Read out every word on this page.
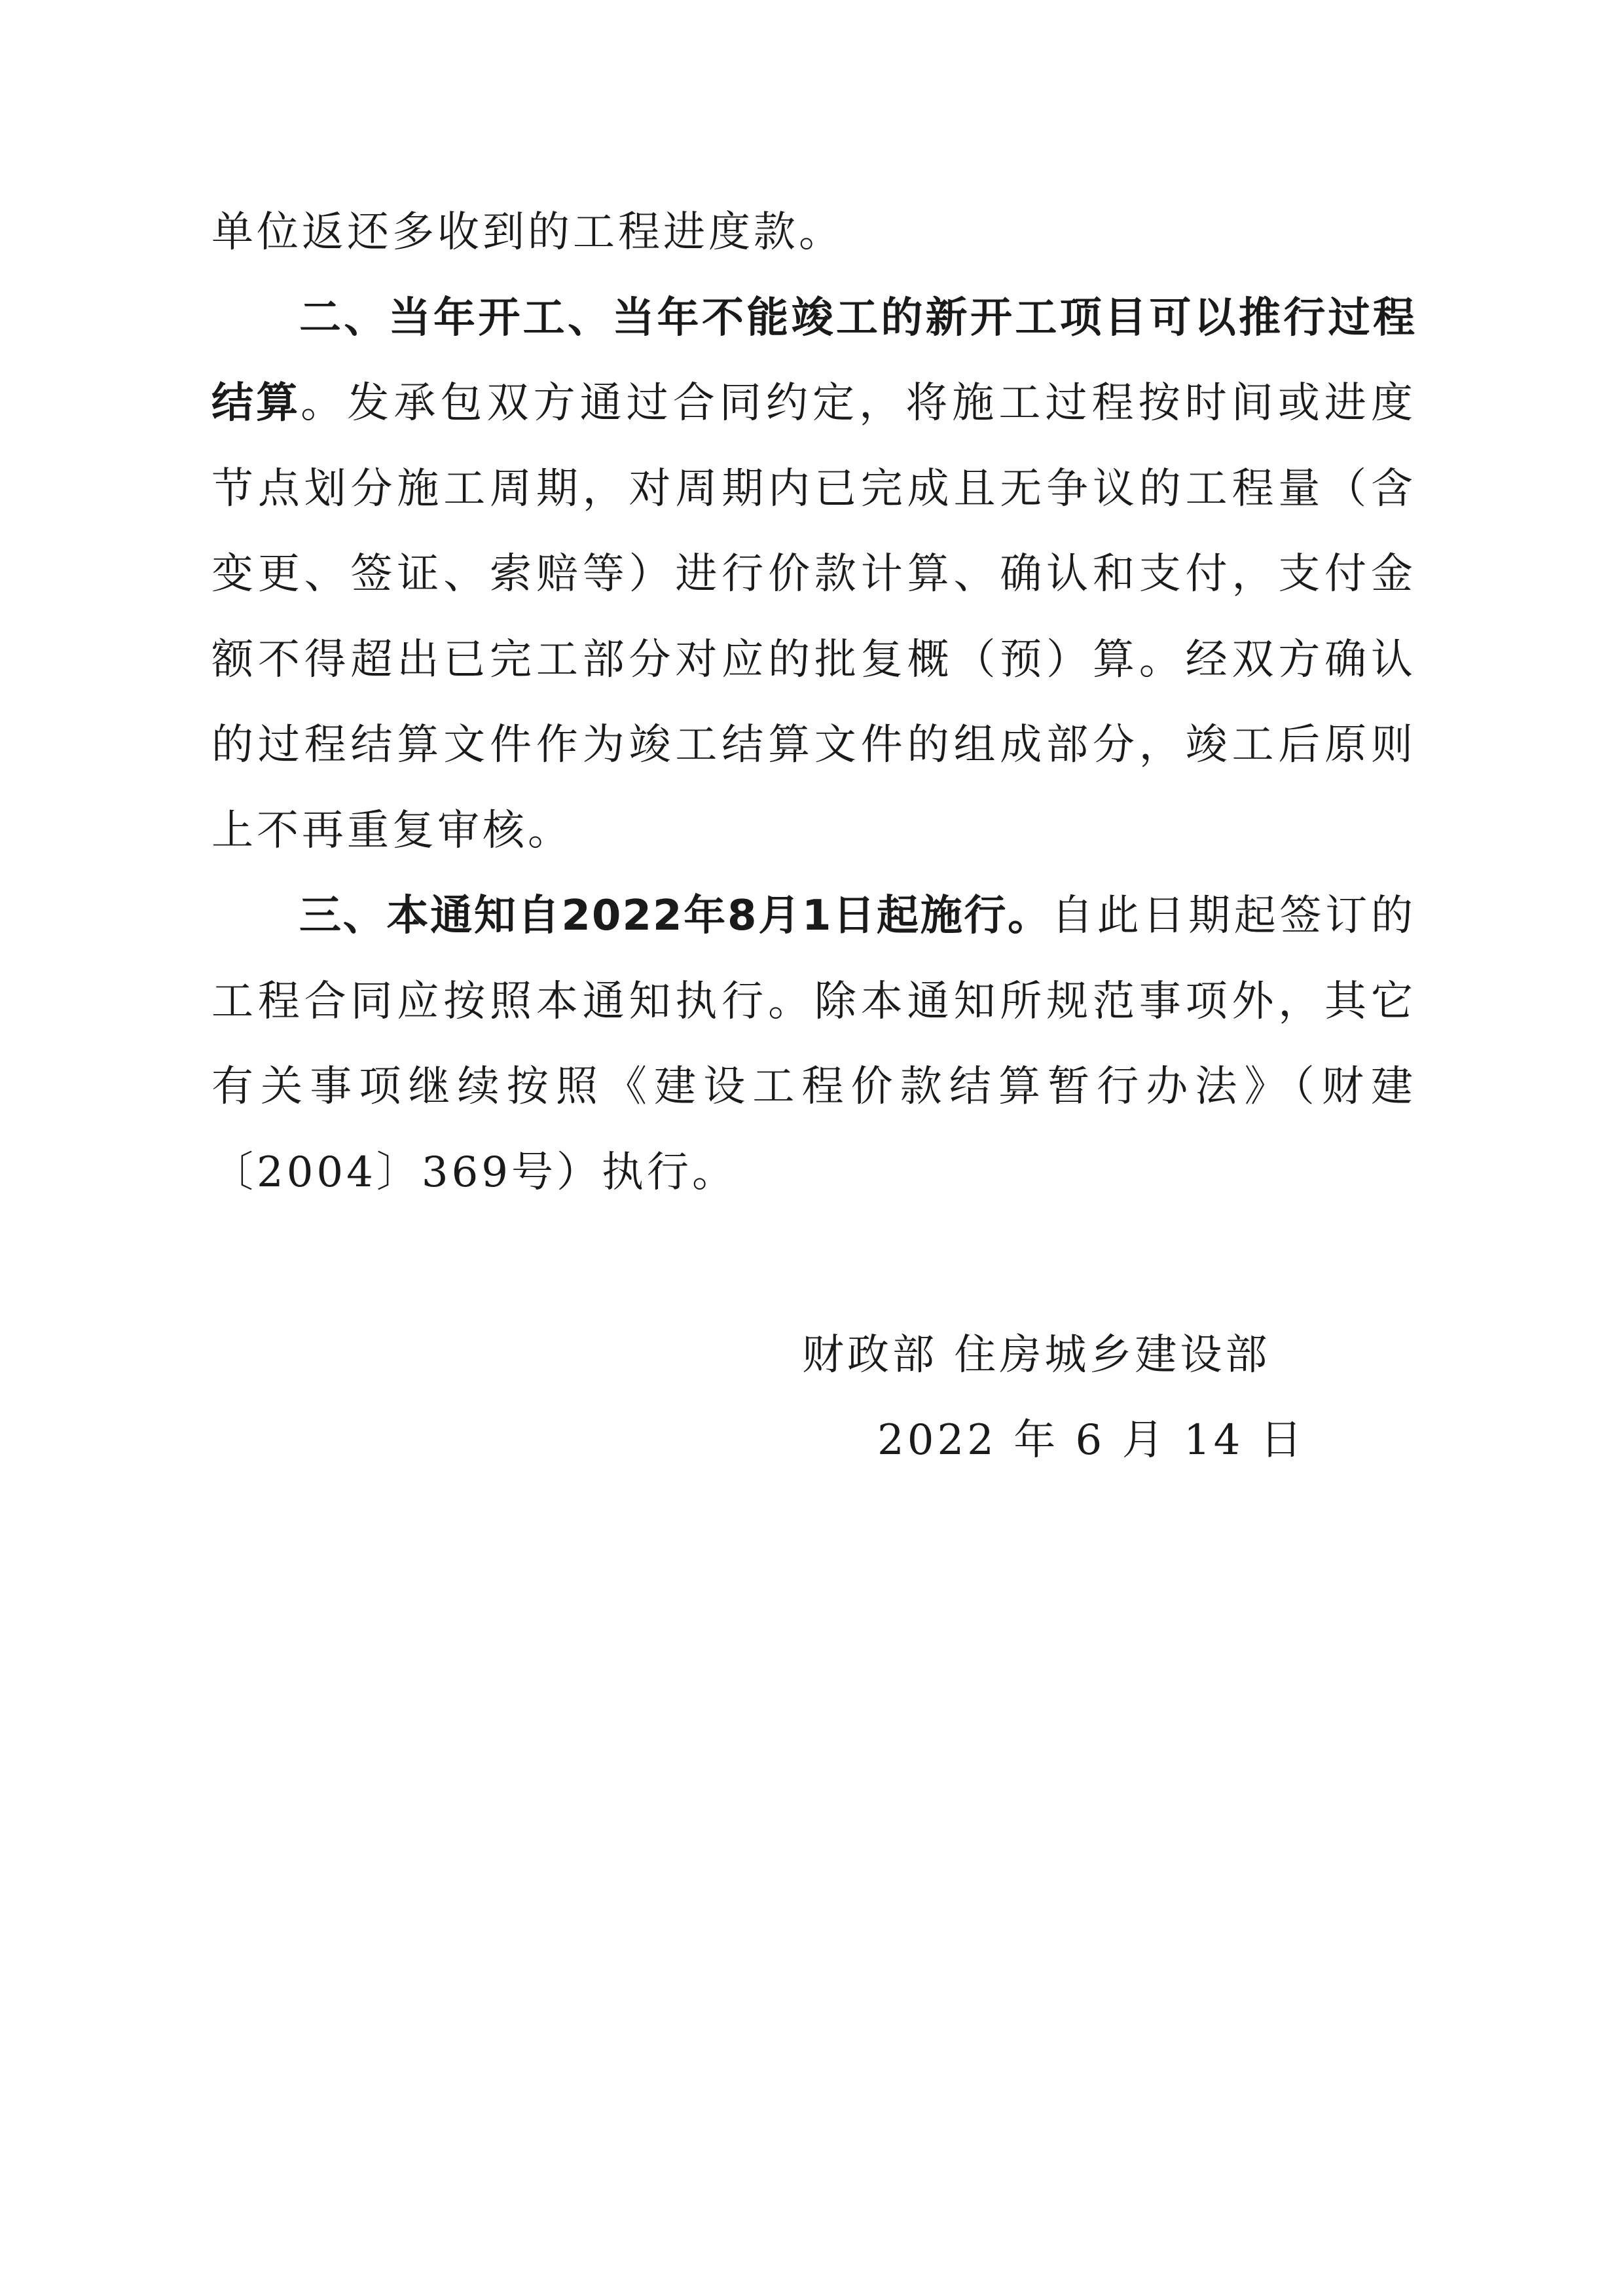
单位返还多收到的工程进度款。

二、当年开工、当年不能竣工的新开工项目可以推行过程结算。发承包双方通过合同约定，将施工过程按时间或进度节点划分施工周期，对周期内已完成且无争议的工程量（含变更、签证、索赔等）进行价款计算、确认和支付，支付金额不得超出已完工部分对应的批复概（预）算。经双方确认的过程结算文件作为竣工结算文件的组成部分，竣工后原则上不再重复审核。

三、本通知自2022年8月1日起施行。自此日期起签订的工程合同应按照本通知执行。除本通知所规范事项外，其它有关事项继续按照《建设工程价款结算暂行办法》（财建〔2004〕369号）执行。

财政部 住房城乡建设部
2022 年 6 月 14 日
